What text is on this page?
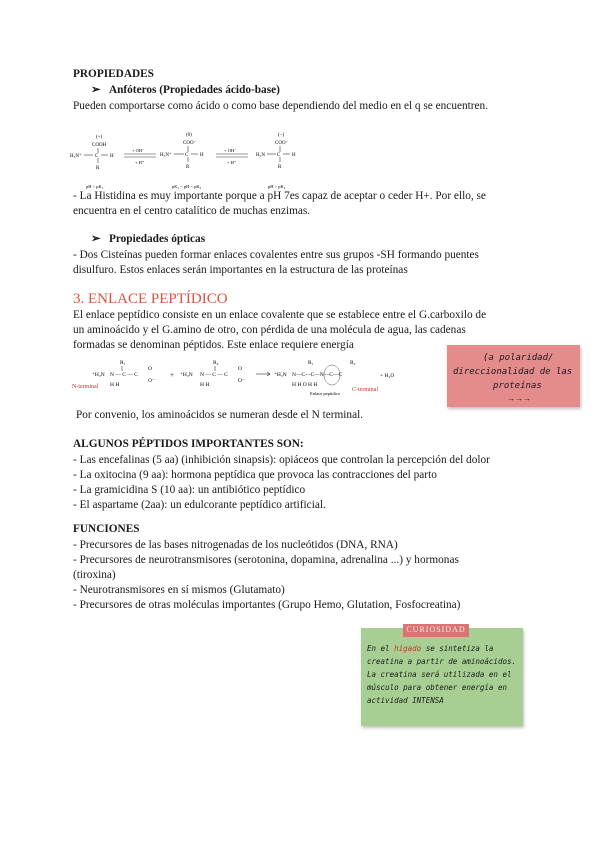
PROPIEDADES
➢ Anfóteros (Propiedades ácido-base)
Pueden comportarse como ácido o como base dependiendo del medio en el q se encuentren.
(+)
COOH
H₃N⁺	C H
R
+ OH⁻
+ H⁺
(0)
COO⁻
H₃N⁺	C H
R
+ OH⁻
+ H⁺
(−)
COO⁻
H₂N C H
R
pH < pK₁	pK₁ < pH < pK₂	pH > pK₂
- La Histidina es muy importante porque a pH 7es capaz de aceptar o ceder H+. Por ello, se
encuentra en el centro catalítico de muchas enzimas.
➢ Propiedades ópticas
- Dos Cisteínas pueden formar enlaces covalentes entre sus grupos -SH formando puentes
disulfuro. Estos enlaces serán importantes en la estructura de las proteínas
3. ENLACE PEPTÍDICO
El enlace peptídico consiste en un enlace covalente que se establece entre el G.carboxilo de
un aminoácido y el G.amino de otro, con pérdida de una molécula de agua, las cadenas
formadas se denominan péptidos. Este enlace requiere energía
R₁
⁺H₃N N — C — C
O
O⁻
H H
N-terminal
+
R₂
⁺H₃N N — C — C
O
O⁻
H H
R₁	R₂
⁺H₃N N—C—C—N—C—C
H H O H H
+ H₂O
Enlace peptídico
C-terminal
(a polaridad/
direccionalidad de las
proteínas
→→→
Por convenio, los aminoácidos se numeran desde el N terminal.
ALGUNOS PÉPTIDOS IMPORTANTES SON:
- Las encefalinas (5 aa) (inhibición sinapsis): opiáceos que controlan la percepción del dolor
- La oxitocina (9 aa): hormona peptídica que provoca las contracciones del parto
- La gramicidina S (10 aa): un antibiótico peptídico
- El aspartame (2aa): un edulcorante peptídico artificial.
FUNCIONES
- Precursores de las bases nitrogenadas de los nucleótidos (DNA, RNA)
- Precursores de neurotransmisores (serotonina, dopamina, adrenalina ...) y hormonas
(tiroxina)
- Neurotransmisores en sí mismos (Glutamato)
- Precursores de otras moléculas importantes (Grupo Hemo, Glutation, Fosfocreatina)
CURIOSIDAD
En el hígado se sintetiza la
creatina a partir de aminoácidos.
La creatina será utilizada en el
músculo para obtener energía en
actividad INTENSA
